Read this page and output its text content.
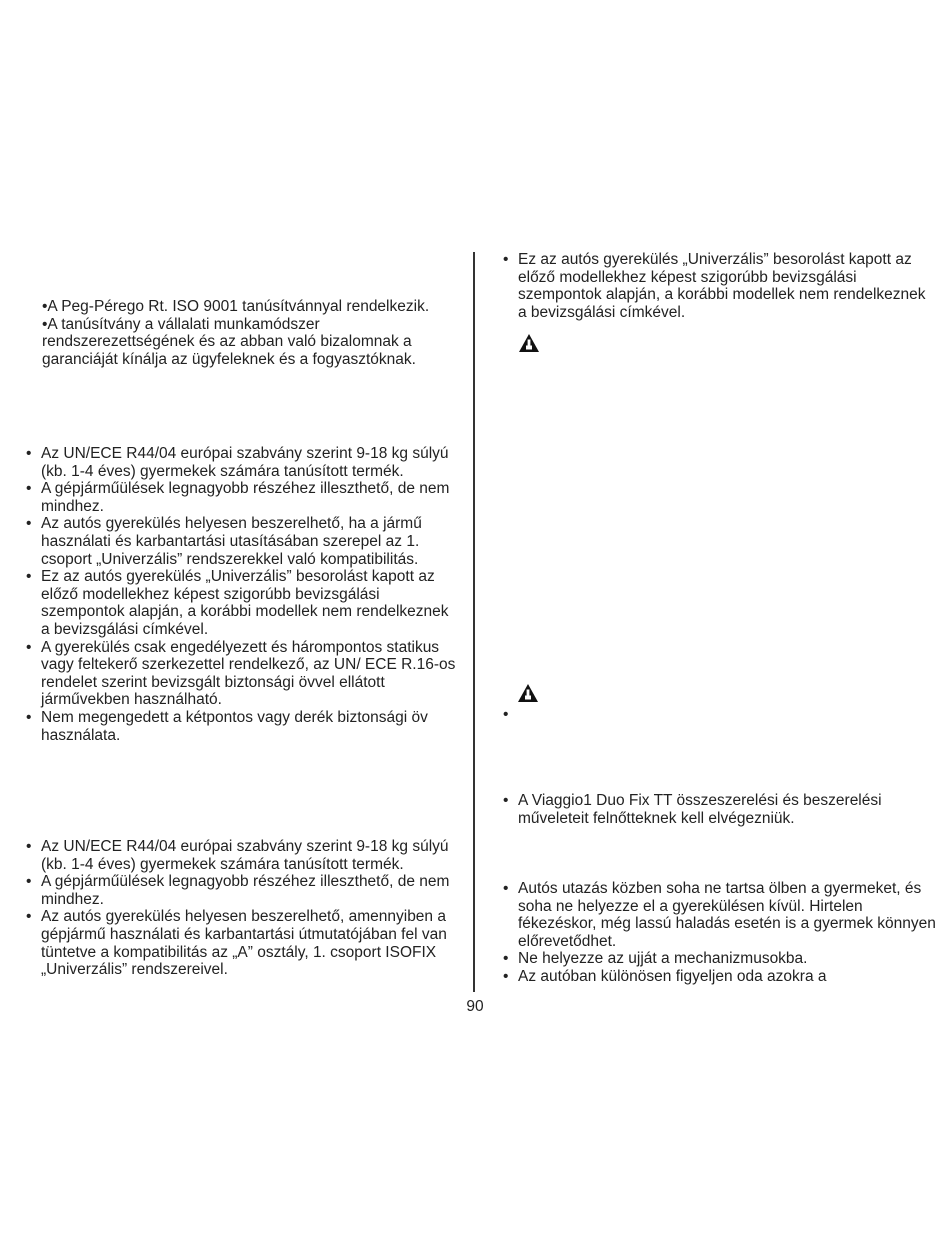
•A Peg-Pérego Rt. ISO 9001 tanúsítvánnyal rendelkezik.
•A tanúsítvány a vállalati munkamódszer rendszerezettségének és az abban való bizalomnak a garanciáját kínálja az ügyfeleknek és a fogyasztóknak.
• Az UN/ECE R44/04 európai szabvány szerint 9-18 kg súlyú (kb. 1-4 éves) gyermekek számára tanúsított termék.
• A gépjárműülések legnagyobb részéhez illeszthető, de nem mindhez.
• Az autós gyerekülés helyesen beszerelhető, ha a jármű használati és karbantartási utasításában szerepel az 1. csoport „Univerzális” rendszerekkel való kompatibilitás.
• Ez az autós gyerekülés „Univerzális” besorolást kapott az előző modellekhez képest szigorúbb bevizsgálási szempontok alapján, a korábbi modellek nem rendelkeznek a bevizsgálási címkével.
• A gyerekülés csak engedélyezett és hárompontos statikus vagy feltekerő szerkezettel rendelkező, az UN/ ECE R.16-os rendelet szerint bevizsgált biztonsági övvel ellátott járművekben használható.
• Nem megengedett a kétpontos vagy derék biztonsági öv használata.
• Az UN/ECE R44/04 európai szabvány szerint 9-18 kg súlyú (kb. 1-4 éves) gyermekek számára tanúsított termék.
• A gépjárműülések legnagyobb részéhez illeszthető, de nem mindhez.
• Az autós gyerekülés helyesen beszerelhető, amennyiben a gépjármű használati és karbantartási útmutatójában fel van tüntetve a kompatibilitás az „A” osztály, 1. csoport ISOFIX „Univerzális” rendszereivel.
• Ez az autós gyerekülés „Univerzális” besorolást kapott az előző modellekhez képest szigorúbb bevizsgálási szempontok alapján, a korábbi modellek nem rendelkeznek a bevizsgálási címkével.
•
• A Viaggio1 Duo Fix TT összeszerelési és beszerelési műveleteit felnőtteknek kell elvégezniük.
• Autós utazás közben soha ne tartsa ölben a gyermeket, és soha ne helyezze el a gyerekülésen kívül. Hirtelen fékezéskor, még lassú haladás esetén is a gyermek könnyen előrevetődhet.
• Ne helyezze az ujját a mechanizmusokba.
• Az autóban különösen figyeljen oda azokra a
90
